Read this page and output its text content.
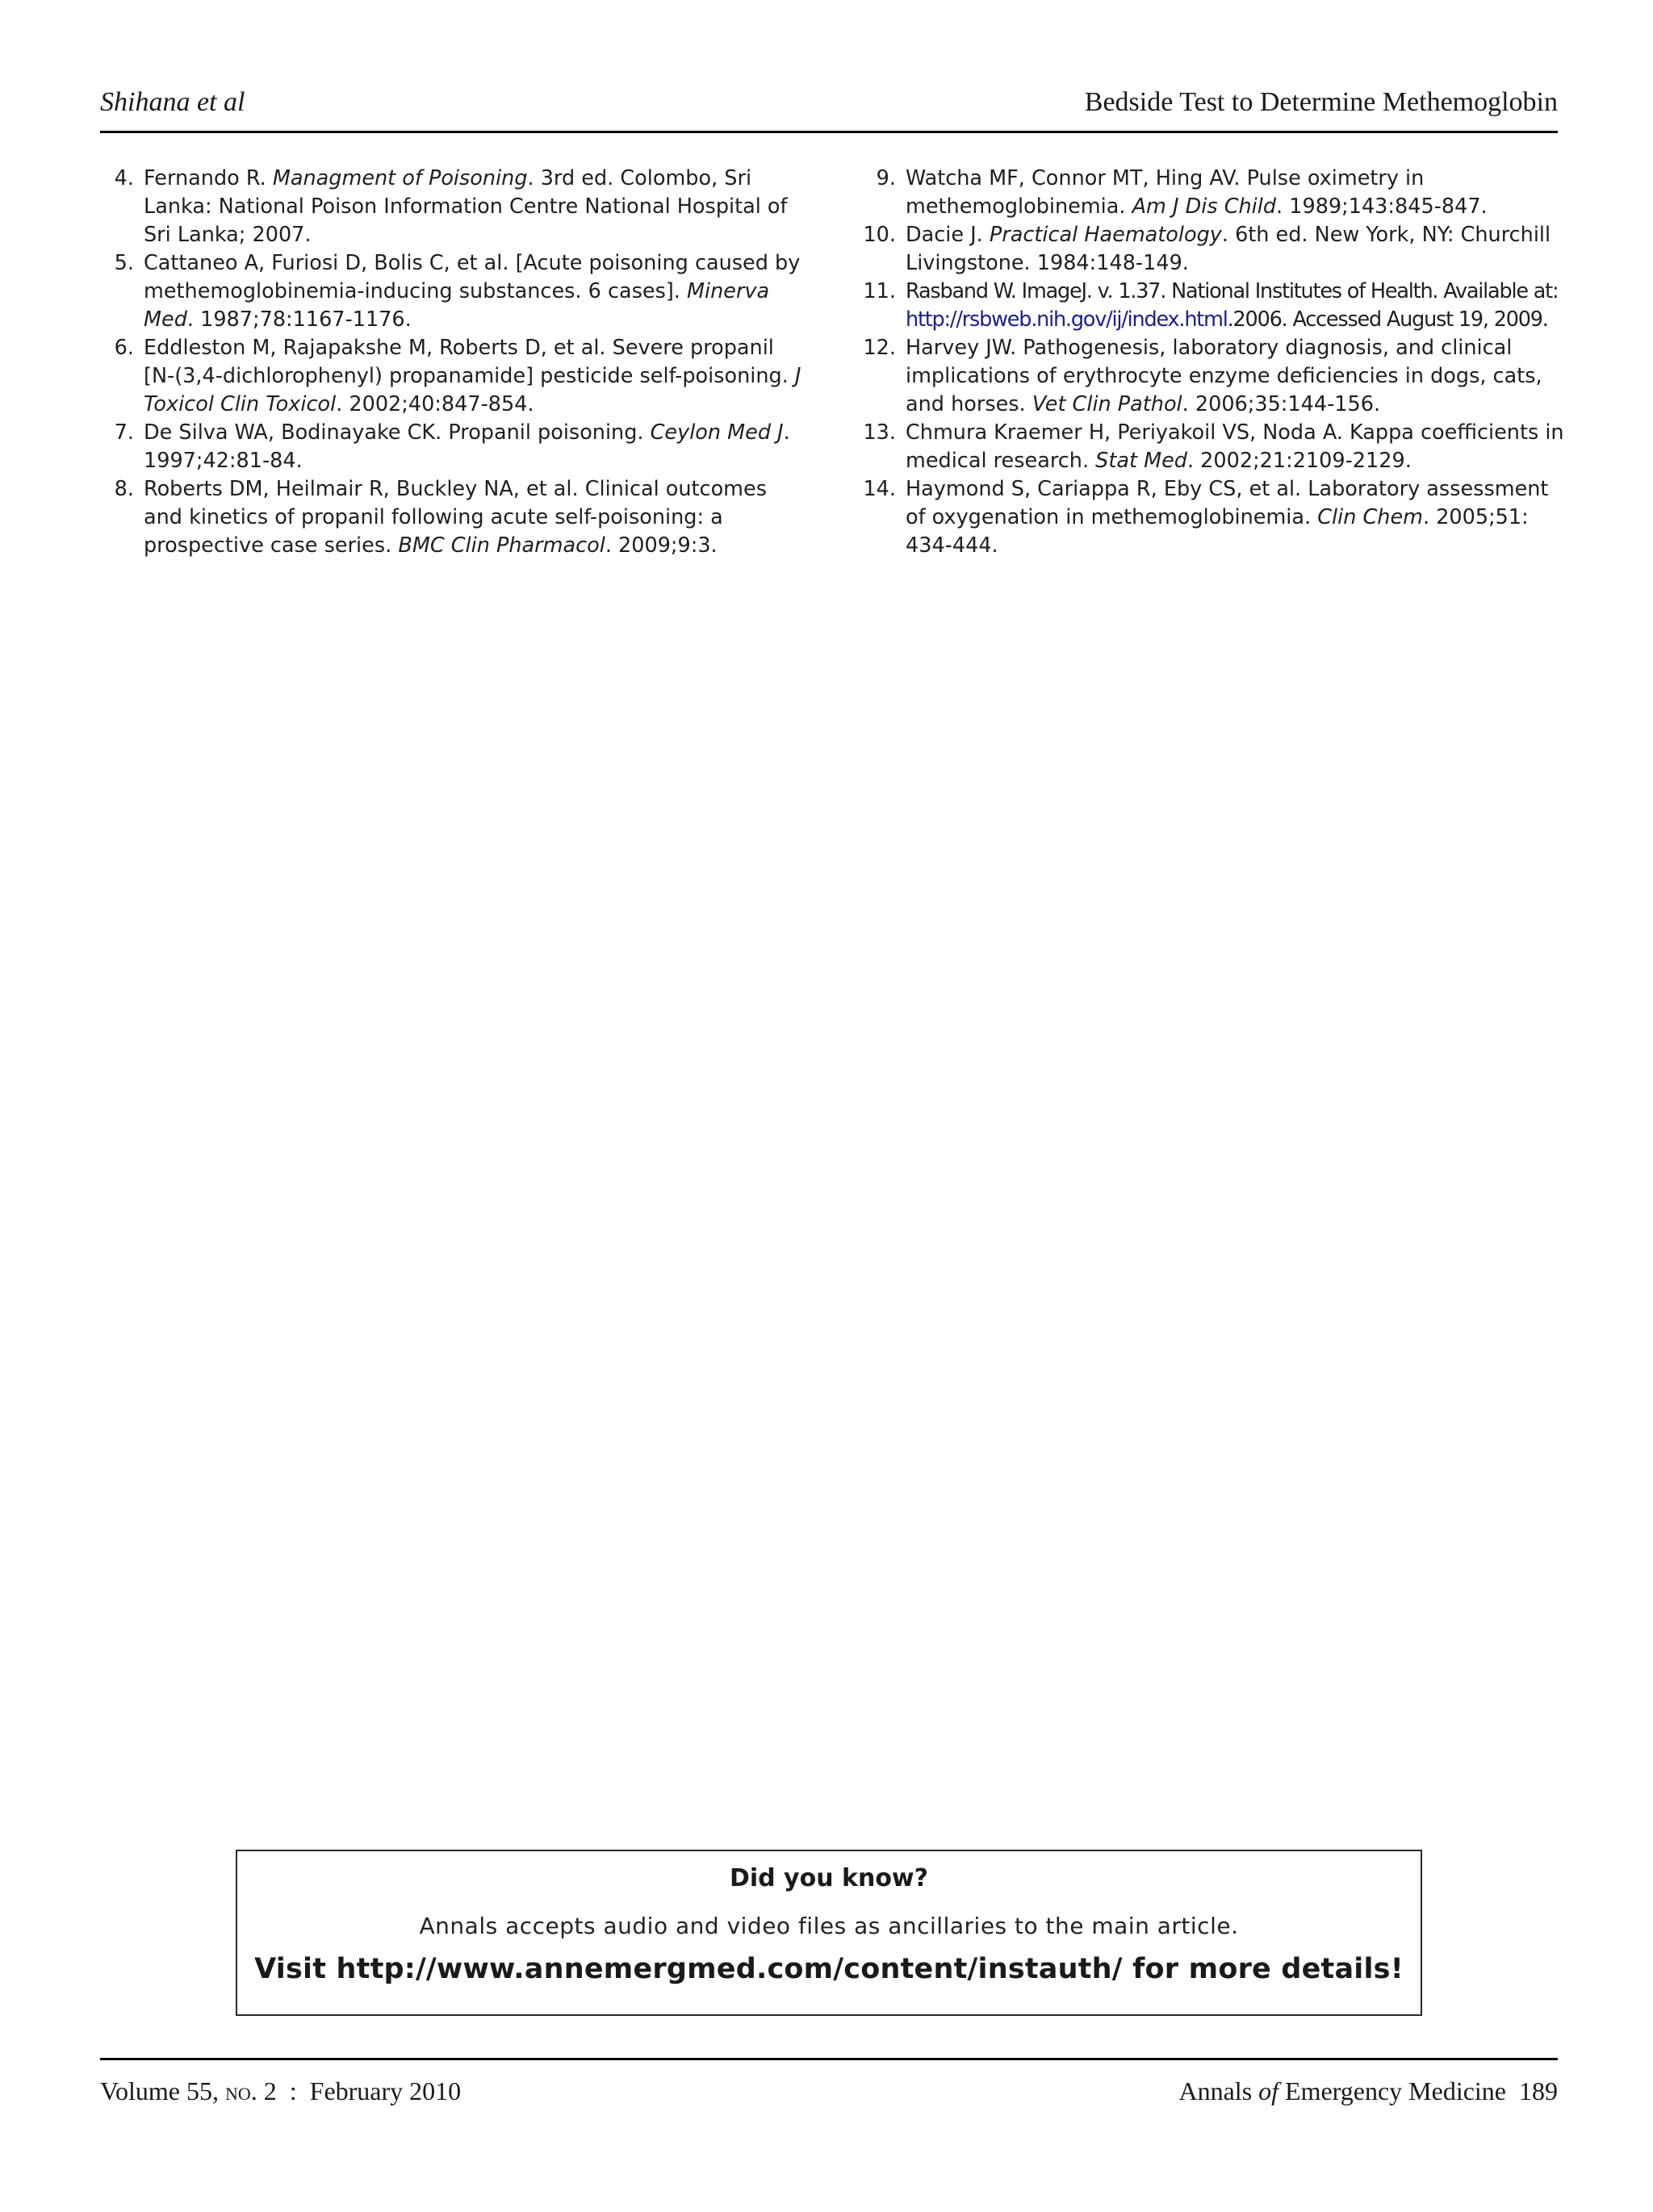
Shihana et al	Bedside Test to Determine Methemoglobin
4. Fernando R. Managment of Poisoning. 3rd ed. Colombo, Sri Lanka: National Poison Information Centre National Hospital of Sri Lanka; 2007.
5. Cattaneo A, Furiosi D, Bolis C, et al. [Acute poisoning caused by methemoglobinemia-inducing substances. 6 cases]. Minerva Med. 1987;78:1167-1176.
6. Eddleston M, Rajapakshe M, Roberts D, et al. Severe propanil [N-(3,4-dichlorophenyl) propanamide] pesticide self-poisoning. J Toxicol Clin Toxicol. 2002;40:847-854.
7. De Silva WA, Bodinayake CK. Propanil poisoning. Ceylon Med J. 1997;42:81-84.
8. Roberts DM, Heilmair R, Buckley NA, et al. Clinical outcomes and kinetics of propanil following acute self-poisoning: a prospective case series. BMC Clin Pharmacol. 2009;9:3.
9. Watcha MF, Connor MT, Hing AV. Pulse oximetry in methemoglobinemia. Am J Dis Child. 1989;143:845-847.
10. Dacie J. Practical Haematology. 6th ed. New York, NY: Churchill Livingstone. 1984:148-149.
11. Rasband W. ImageJ. v. 1.37. National Institutes of Health. Available at: http://rsbweb.nih.gov/ij/index.html.2006. Accessed August 19, 2009.
12. Harvey JW. Pathogenesis, laboratory diagnosis, and clinical implications of erythrocyte enzyme deficiencies in dogs, cats, and horses. Vet Clin Pathol. 2006;35:144-156.
13. Chmura Kraemer H, Periyakoil VS, Noda A. Kappa coefficients in medical research. Stat Med. 2002;21:2109-2129.
14. Haymond S, Cariappa R, Eby CS, et al. Laboratory assessment of oxygenation in methemoglobinemia. Clin Chem. 2005;51: 434-444.
Did you know?
Annals accepts audio and video files as ancillaries to the main article.
Visit http://www.annemergmed.com/content/instauth/ for more details!
Volume 55, no. 2 : February 2010	Annals of Emergency Medicine 189
